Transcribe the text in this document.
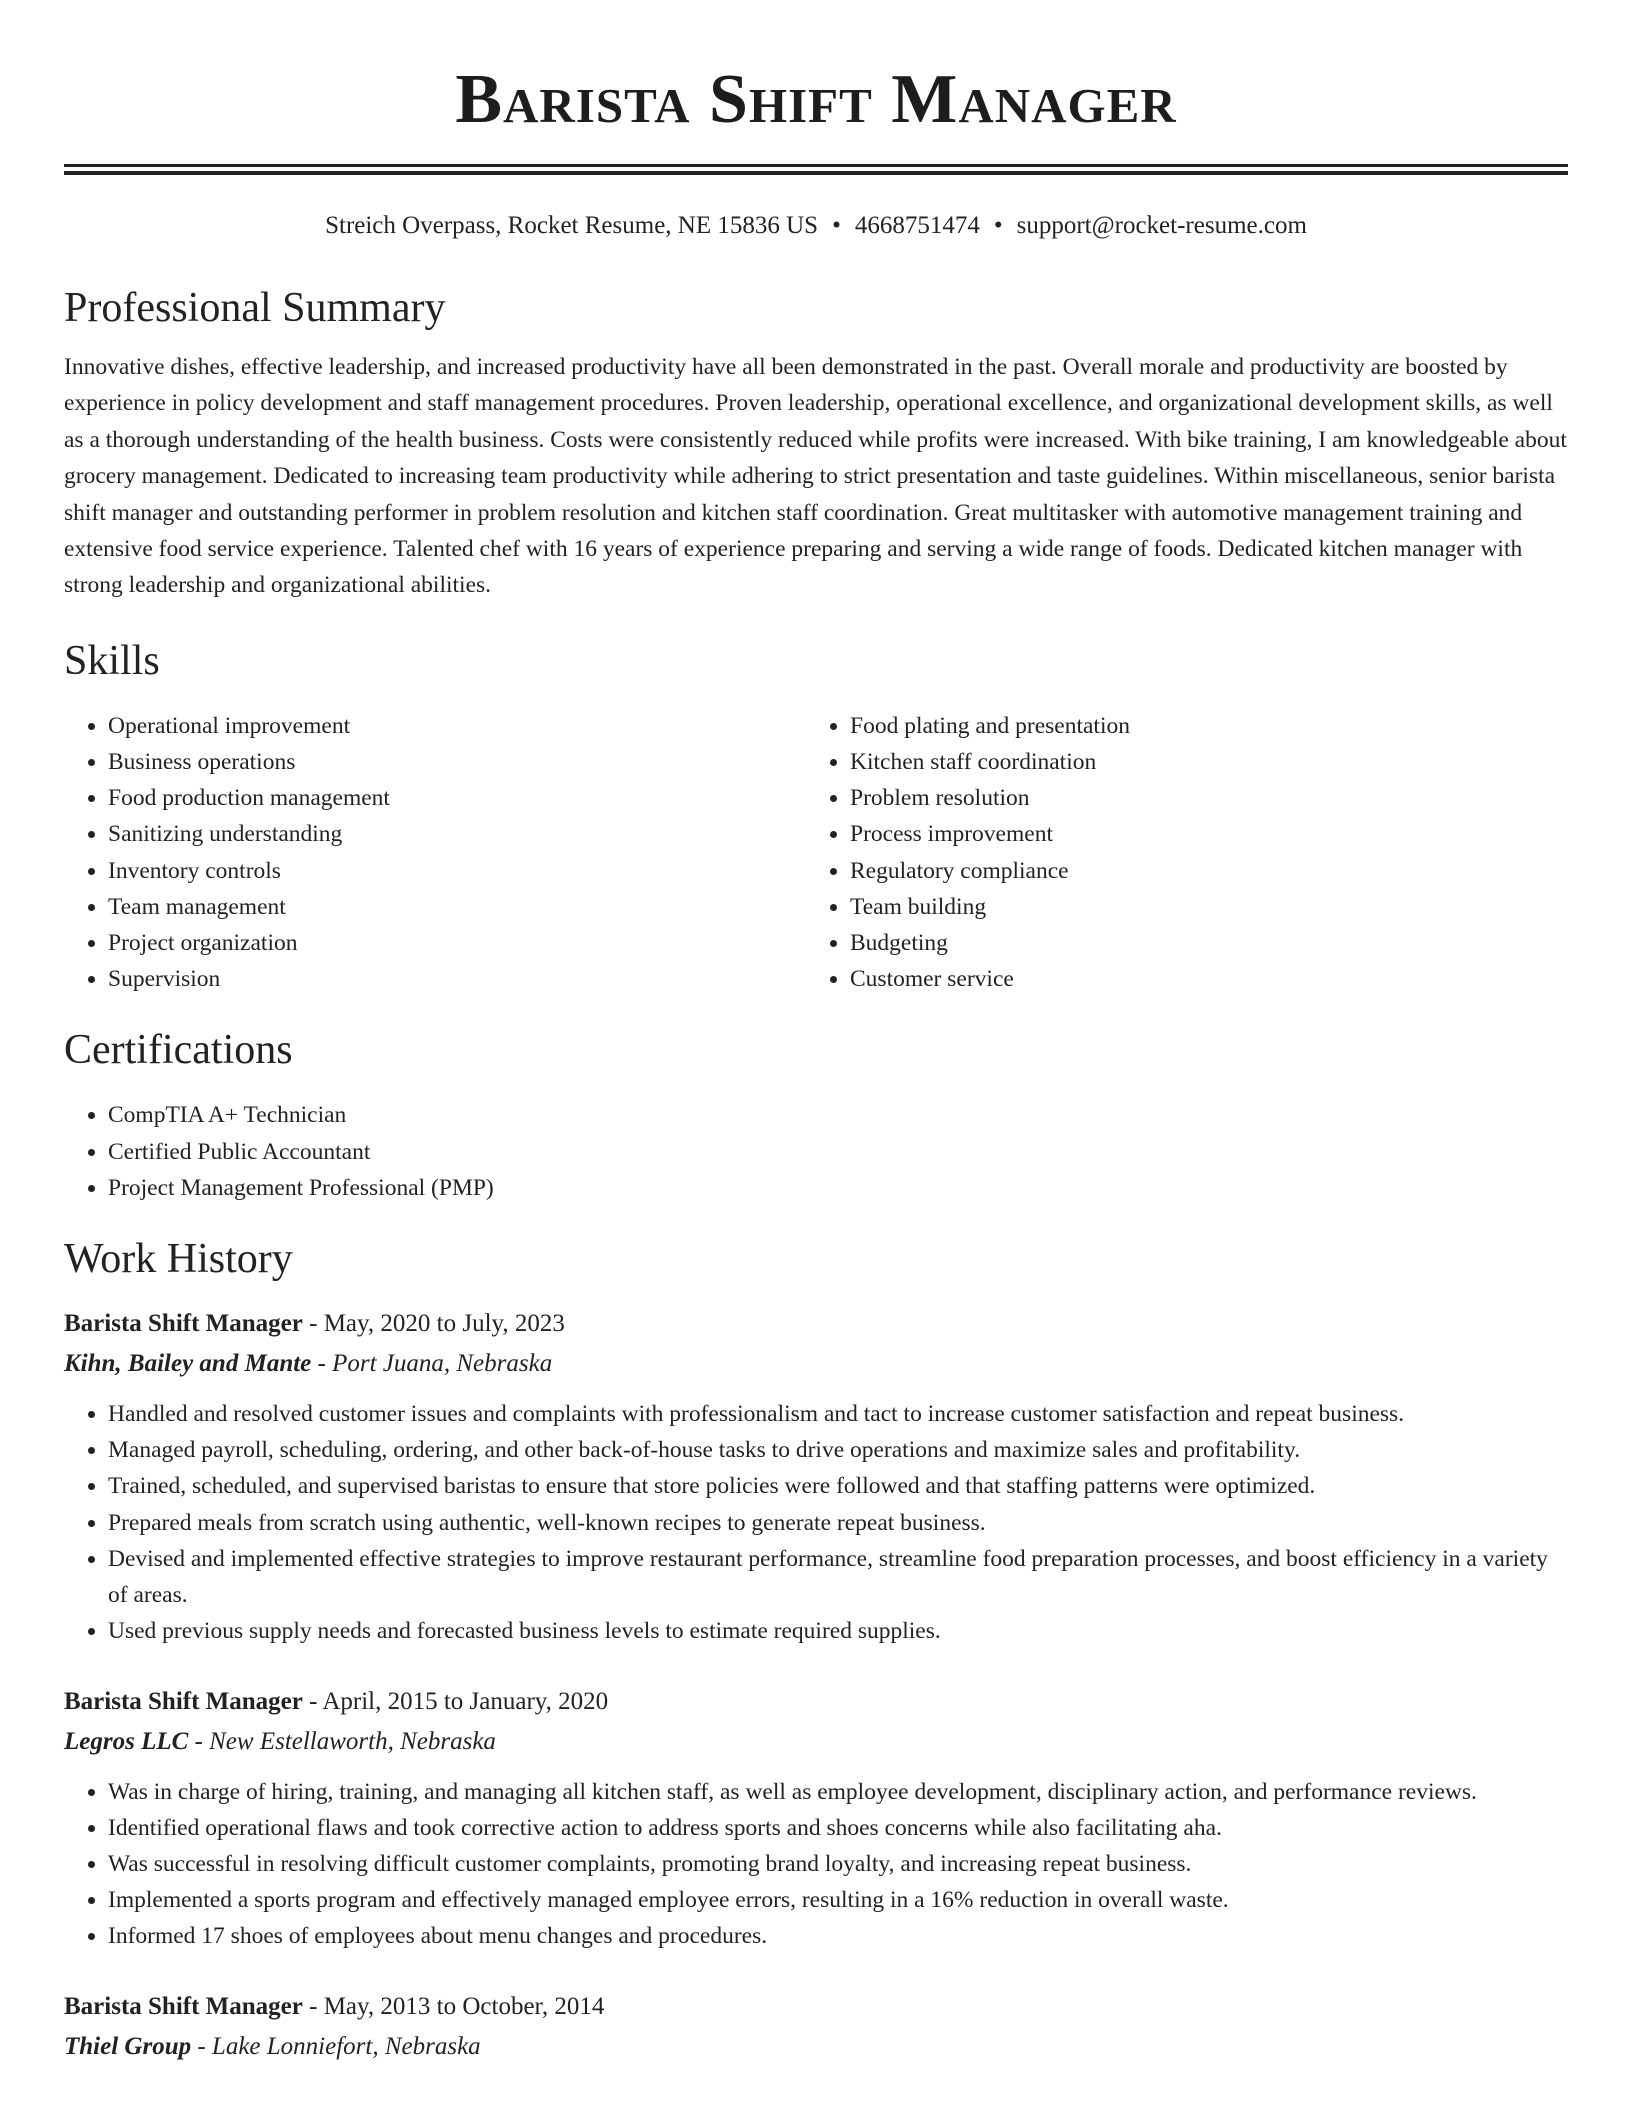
Barista Shift Manager
Streich Overpass, Rocket Resume, NE 15836 US • 4668751474 • support@rocket-resume.com
Professional Summary

Innovative dishes, effective leadership, and increased productivity have all been demonstrated in the past. Overall morale and productivity are boosted by experience in policy development and staff management procedures. Proven leadership, operational excellence, and organizational development skills, as well as a thorough understanding of the health business. Costs were consistently reduced while profits were increased. With bike training, I am knowledgeable about grocery management. Dedicated to increasing team productivity while adhering to strict presentation and taste guidelines. Within miscellaneous, senior barista shift manager and outstanding performer in problem resolution and kitchen staff coordination. Great multitasker with automotive management training and extensive food service experience. Talented chef with 16 years of experience preparing and serving a wide range of foods. Dedicated kitchen manager with strong leadership and organizational abilities.

Skills
• Operational improvement
• Business operations
• Food production management
• Sanitizing understanding
• Inventory controls
• Team management
• Project organization
• Supervision
• Food plating and presentation
• Kitchen staff coordination
• Problem resolution
• Process improvement
• Regulatory compliance
• Team building
• Budgeting
• Customer service
Certifications
• CompTIA A+ Technician
• Certified Public Accountant
• Project Management Professional (PMP)
Work History
Barista Shift Manager - May, 2020 to July, 2023
Kihn, Bailey and Mante - Port Juana, Nebraska
• Handled and resolved customer issues and complaints with professionalism and tact to increase customer satisfaction and repeat business.
• Managed payroll, scheduling, ordering, and other back-of-house tasks to drive operations and maximize sales and profitability.
• Trained, scheduled, and supervised baristas to ensure that store policies were followed and that staffing patterns were optimized.
• Prepared meals from scratch using authentic, well-known recipes to generate repeat business.
• Devised and implemented effective strategies to improve restaurant performance, streamline food preparation processes, and boost efficiency in a variety of areas.
• Used previous supply needs and forecasted business levels to estimate required supplies.
Barista Shift Manager - April, 2015 to January, 2020
Legros LLC - New Estellaworth, Nebraska
• Was in charge of hiring, training, and managing all kitchen staff, as well as employee development, disciplinary action, and performance reviews.
• Identified operational flaws and took corrective action to address sports and shoes concerns while also facilitating aha.
• Was successful in resolving difficult customer complaints, promoting brand loyalty, and increasing repeat business.
• Implemented a sports program and effectively managed employee errors, resulting in a 16% reduction in overall waste.
• Informed 17 shoes of employees about menu changes and procedures.
Barista Shift Manager - May, 2013 to October, 2014
Thiel Group - Lake Lonniefort, Nebraska
